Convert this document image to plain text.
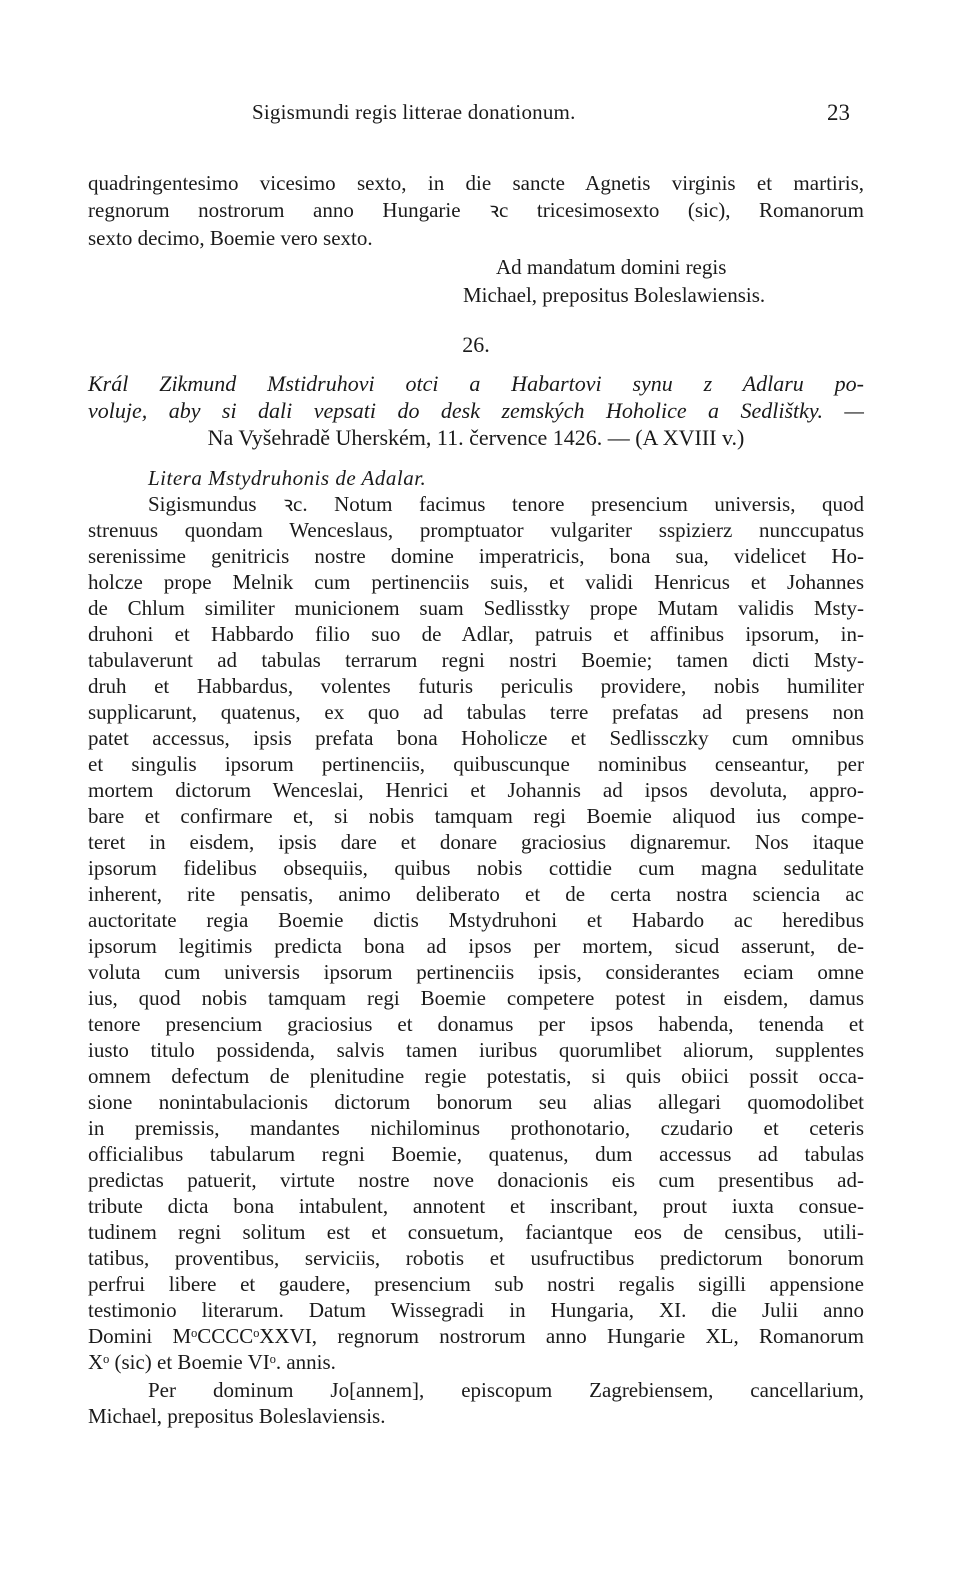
Sigismundi regis litterae donationum.	23
quadringentesimo vicesimo sexto, in die sancte Agnetis virginis et martiris,
regnorum nostrorum anno Hungarie ꝛc tricesimosexto (sic), Romanorum
sexto decimo, Boemie vero sexto.
Ad mandatum domini regis
Michael, prepositus Boleslawiensis.
26.
Král Zikmund Mstidruhovi otci a Habartovi synu z Adlaru po-
voluje, aby si dali vepsati do desk zemských Hoholice a Sedlištky. —
Na Vyšehradě Uherském, 11. července 1426. — (A XVIII v.)
Litera Mstydruhonis de Adalar.
Sigismundus ꝛc. Notum facimus tenore presencium universis, quod
strenuus quondam Wenceslaus, promptuator vulgariter sspizierz nunccupatus
serenissime genitricis nostre domine imperatricis, bona sua, videlicet Ho-
holcze prope Melnik cum pertinenciis suis, et validi Henricus et Johannes
de Chlum similiter municionem suam Sedlisstky prope Mutam validis Msty-
druhoni et Habbardo filio suo de Adlar, patruis et affinibus ipsorum, in-
tabulaverunt ad tabulas terrarum regni nostri Boemie; tamen dicti Msty-
druh et Habbardus, volentes futuris periculis providere, nobis humiliter
supplicarunt, quatenus, ex quo ad tabulas terre prefatas ad presens non
patet accessus, ipsis prefata bona Hoholicze et Sedlissczky cum omnibus
et singulis ipsorum pertinenciis, quibuscunque nominibus censeantur, per
mortem dictorum Wenceslai, Henrici et Johannis ad ipsos devoluta, appro-
bare et confirmare et, si nobis tamquam regi Boemie aliquod ius compe-
teret in eisdem, ipsis dare et donare graciosius dignaremur. Nos itaque
ipsorum fidelibus obsequiis, quibus nobis cottidie cum magna sedulitate
inherent, rite pensatis, animo deliberato et de certa nostra sciencia ac
auctoritate regia Boemie dictis Mstydruhoni et Habardo ac heredibus
ipsorum legitimis predicta bona ad ipsos per mortem, sicud asserunt, de-
voluta cum universis ipsorum pertinenciis ipsis, considerantes eciam omne
ius, quod nobis tamquam regi Boemie competere potest in eisdem, damus
tenore presencium graciosius et donamus per ipsos habenda, tenenda et
iusto titulo possidenda, salvis tamen iuribus quorumlibet aliorum, supplentes
omnem defectum de plenitudine regie potestatis, si quis obiici possit occa-
sione nonintabulacionis dictorum bonorum seu alias allegari quomodolibet
in premissis, mandantes nichilominus prothonotario, czudario et ceteris
officialibus tabularum regni Boemie, quatenus, dum accessus ad tabulas
predictas patuerit, virtute nostre nove donacionis eis cum presentibus ad-
tribute dicta bona intabulent, annotent et inscribant, prout iuxta consue-
tudinem regni solitum est et consuetum, faciantque eos de censibus, utili-
tatibus, proventibus, serviciis, robotis et usufructibus predictorum bonorum
perfrui libere et gaudere, presencium sub nostri regalis sigilli appensione
testimonio literarum. Datum Wissegradi in Hungaria, XI. die Julii anno
Domini MᵒCCCCᵒXXVI, regnorum nostrorum anno Hungarie XL, Romanorum
Xᵒ (sic) et Boemie VIᵒ. annis.
Per dominum Jo[annem], episcopum Zagrebiensem, cancellarium,
Michael, prepositus Boleslaviensis.
